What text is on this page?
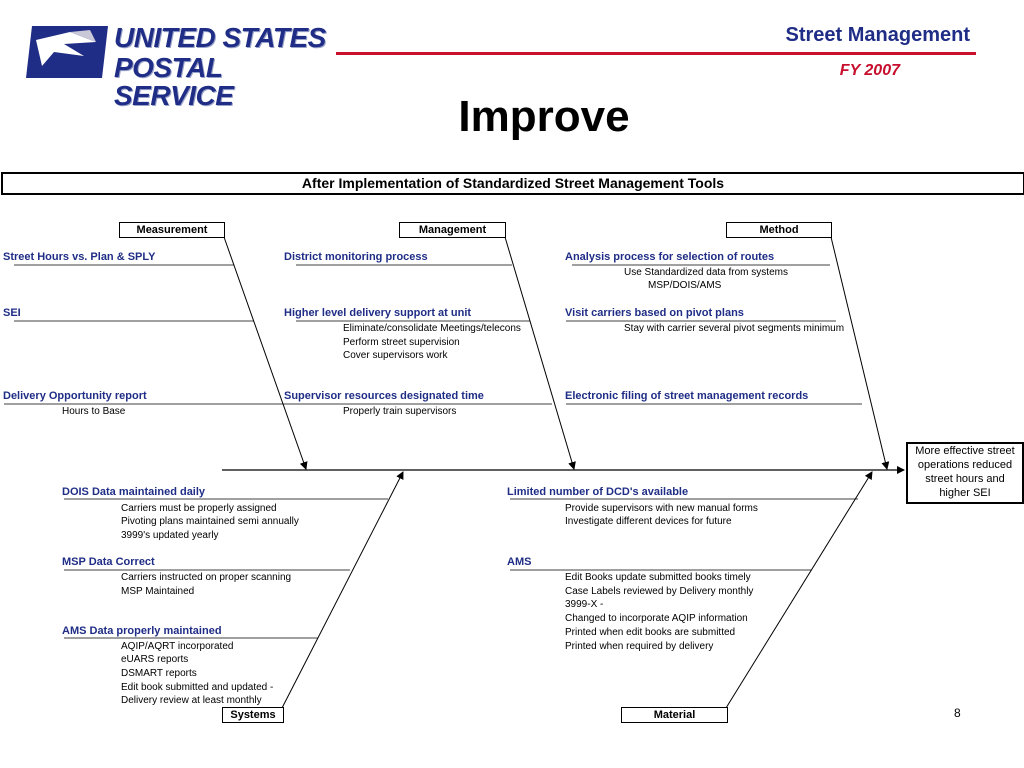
UNITED STATES
POSTAL SERVICE
Street Management
FY 2007
Improve
After Implementation of Standardized Street Management Tools
Measurement	Management	Method
Systems	Material
More effective street
operations reduced
street hours and
higher SEI
Street Hours vs. Plan & SPLY
SEI
Delivery Opportunity report
Hours to Base
District monitoring process
Higher level delivery support at unit
Eliminate/consolidate Meetings/telecons
Perform street supervision
Cover supervisors work
Supervisor resources designated time
Properly train supervisors
Analysis process for selection of routes
Use Standardized data from systems
MSP/DOIS/AMS
Visit carriers based on pivot plans
Stay with carrier several pivot segments minimum
Electronic filing of street management records
DOIS Data maintained daily
Carriers must be properly assigned
Pivoting plans maintained semi annually
3999's updated yearly
MSP Data Correct
Carriers instructed on proper scanning
MSP Maintained
AMS Data properly maintained
AQIP/AQRT incorporated
eUARS reports
DSMART reports
Edit book submitted and updated -
Delivery review at least monthly
Limited number of DCD's available
Provide supervisors with new manual forms
Investigate different devices for future
AMS
Edit Books update submitted books timely
Case Labels reviewed by Delivery monthly
3999-X -
Changed to incorporate AQIP information
Printed when edit books are submitted
Printed when required by delivery
8
